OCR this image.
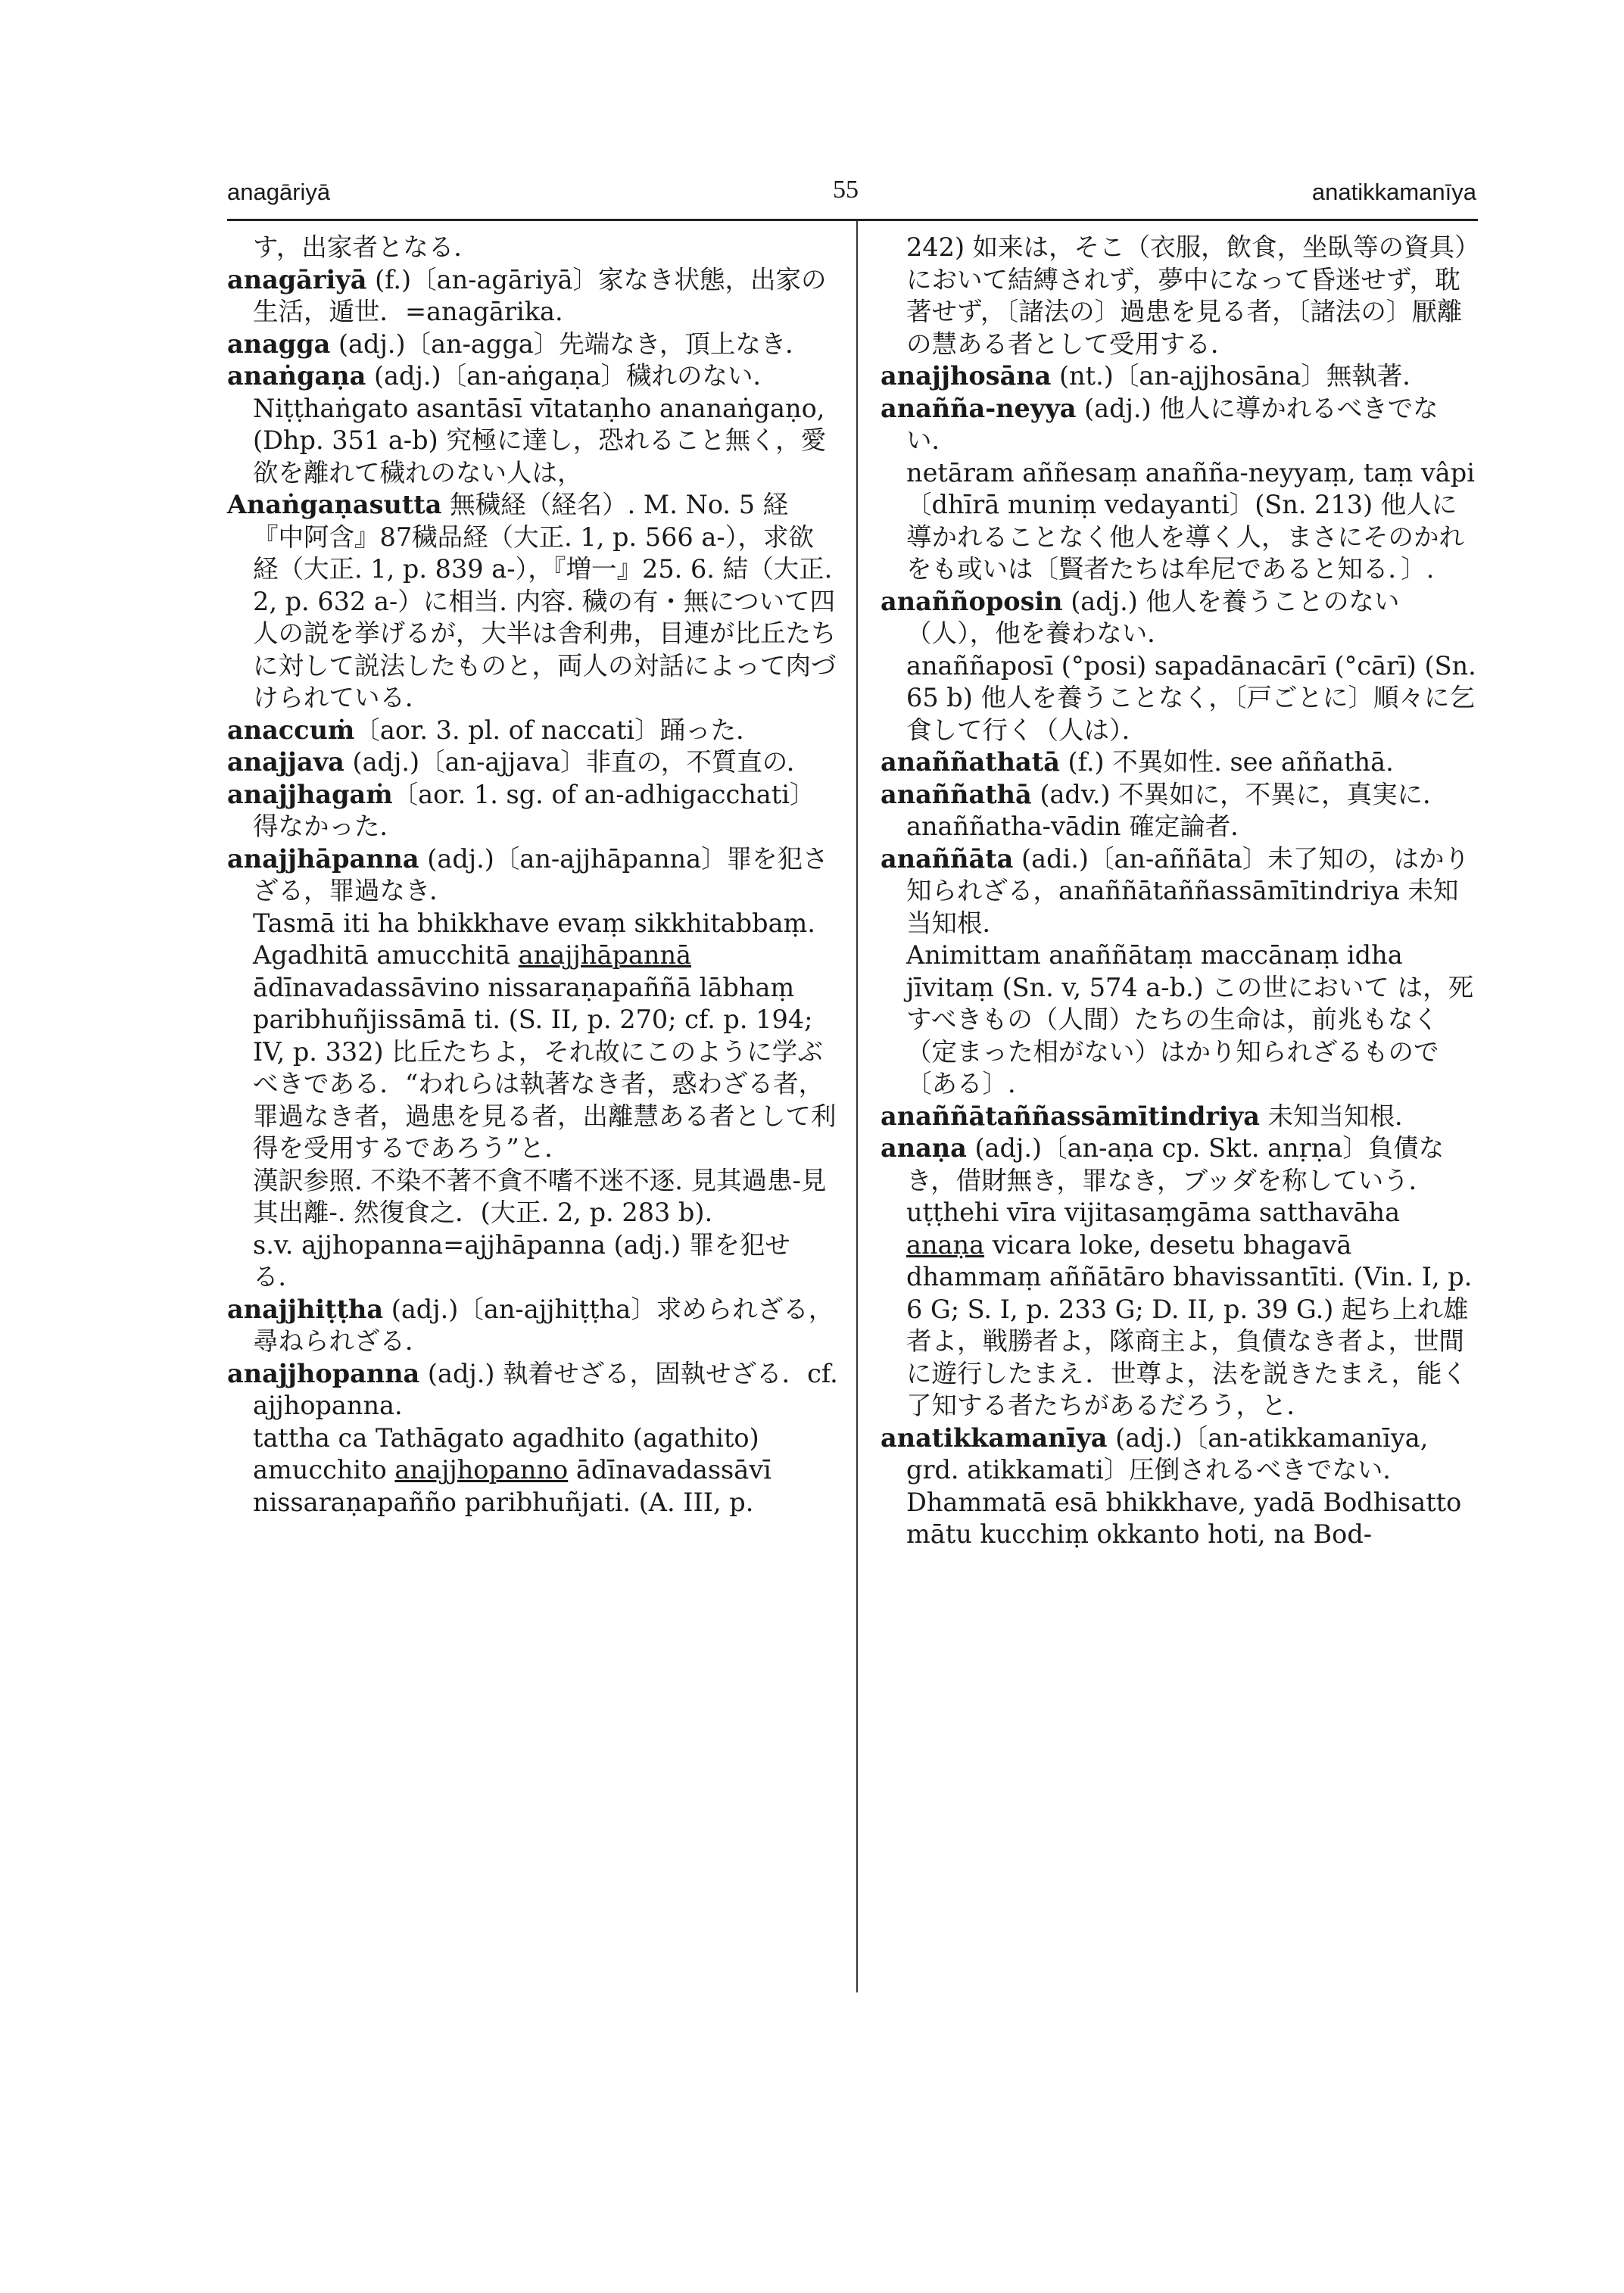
anagāriyā	55	anatikkamanīya

す，出家者となる．

anagāriyā (f.)〔an-agāriyā〕家なき状態，出家の生活，遁世．=anagārika.

anagga (adj.)〔an-agga〕先端なき，頂上なき．

anaṅgaṇa (adj.)〔an-aṅgaṇa〕穢れのない．

Niṭṭhaṅgato asantāsī vītataṇho ananaṅgaṇo, (Dhp. 351 a-b) 究極に達し，恐れること無く，愛欲を離れて穢れのない人は，

Anaṅgaṇasutta 無穢経（経名）. M. No. 5 経『中阿含』87穢品経（大正. 1, p. 566 a-），求欲経（大正. 1, p. 839 a-），『増一』25. 6. 結（大正. 2, p. 632 a-）に相当. 内容. 穢の有・無について四人の説を挙げるが，大半は舎利弗，目連が比丘たちに対して説法したものと，両人の対話によって肉づけられている．

anaccuṁ〔aor. 3. pl. of naccati〕踊った．

anajjava (adj.)〔an-ajjava〕非直の，不質直の．

anajjhagaṁ〔aor. 1. sg. of an-adhigacchati〕得なかった．

anajjhāpanna (adj.)〔an-ajjhāpanna〕罪を犯さざる，罪過なき．

Tasmā iti ha bhikkhave evaṃ sikkhitabbaṃ. Agadhitā amucchitā anajjhāpannā ādīnavadassāvino nissaraṇapaññā lābhaṃ paribhuñjissāmā ti. (S. II, p. 270; cf. p. 194; IV, p. 332) 比丘たちよ，それ故にこのように学ぶべきである．“われらは執著なき者，惑わざる者，罪過なき者，過患を見る者，出離慧ある者として利得を受用するであろう”と．

漢訳参照. 不染不著不貪不嗜不迷不逐. 見其過患-見其出離-. 然復食之．(大正. 2, p. 283 b).

s.v. ajjhopanna=ajjhāpanna (adj.) 罪を犯せる．

anajjhiṭṭha (adj.)〔an-ajjhiṭṭha〕求められざる，尋ねられざる．

anajjhopanna (adj.) 執着せざる，固執せざる．cf. ajjhopanna.

tattha ca Tathāgato agadhito (agathito) amucchito anajjhopanno ādīnavadassāvī nissaraṇapañño paribhuñjati. (A. III, p.

242) 如来は，そこ（衣服，飲食，坐臥等の資具）において結縛されず，夢中になって昏迷せず，耽著せず，〔諸法の〕過患を見る者，〔諸法の〕厭離の慧ある者として受用する．

anajjhosāna (nt.)〔an-ajjhosāna〕無執著．

anañña-neyya (adj.) 他人に導かれるべきでない．

netāram aññesaṃ anañña-neyyaṃ, taṃ vâpi〔dhīrā muniṃ vedayanti〕(Sn. 213) 他人に導かれることなく他人を導く人，まさにそのかれをも或いは〔賢者たちは牟尼であると知る．〕.

anaññoposin (adj.) 他人を養うことのない（人），他を養わない．

anaññaposī (°posi) sapadānacārī (°cārī) (Sn. 65 b) 他人を養うことなく，〔戸ごとに〕順々に乞食して行く（人は）．

anaññathatā (f.) 不異如性. see aññathā.

anaññathā (adv.) 不異如に，不異に，真実に．anaññatha-vādin 確定論者．

anaññāta (adi.)〔an-aññāta〕未了知の，はかり知られざる，anaññātaññassāmītindriya 未知当知根．

Animittam anaññātaṃ maccānaṃ idha jīvitaṃ (Sn. v, 574 a-b.) この世において は，死すべきもの（人間）たちの生命は，前兆もなく（定まった相がない）はかり知られざるもので〔ある〕.

anaññātaññassāmītindriya 未知当知根．

anaṇa (adj.)〔an-aṇa cp. Skt. anṛṇa〕負債なき，借財無き，罪なき，ブッダを称していう．

uṭṭhehi vīra vijitasaṃgāma satthavāha anaṇa vicara loke, desetu bhagavā dhammaṃ aññātāro bhavissantīti. (Vin. I, p. 6 G; S. I, p. 233 G; D. II, p. 39 G.) 起ち上れ雄者よ，戦勝者よ，隊商主よ，負債なき者よ，世間に遊行したまえ．世尊よ，法を説きたまえ，能く了知する者たちがあるだろう，と．

anatikkamanīya (adj.)〔an-atikkamanīya, grd. atikkamati〕圧倒されるべきでない．

Dhammatā esā bhikkhave, yadā Bodhisatto mātu kucchiṃ okkanto hoti, na Bod-
